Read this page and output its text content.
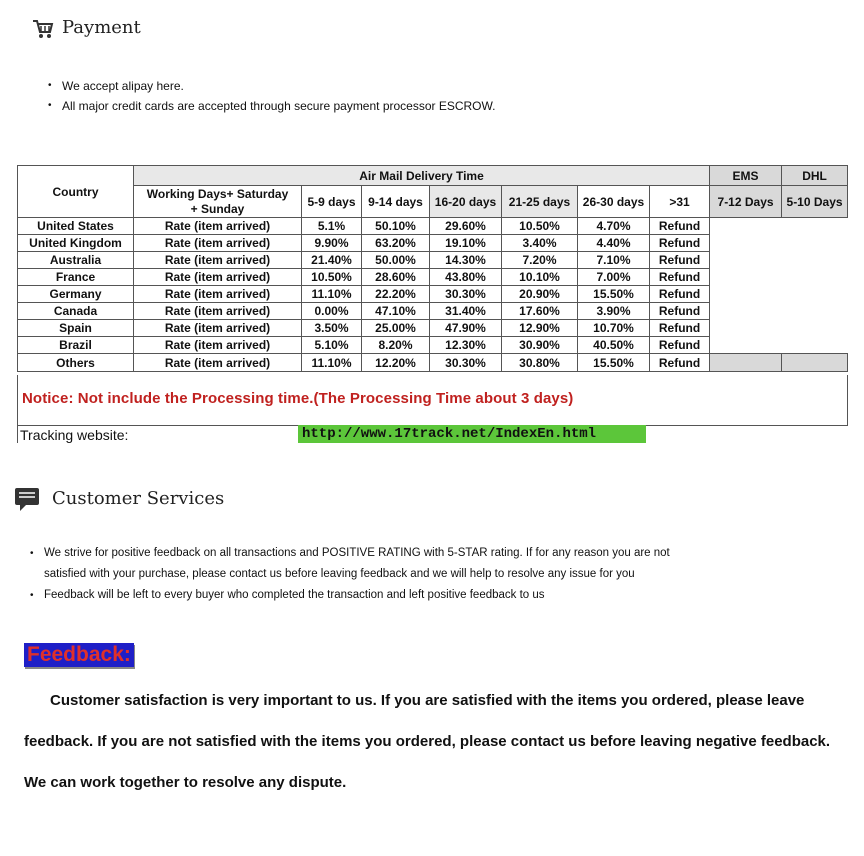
Payment
• We accept alipay here.
• All major credit cards are accepted through secure payment processor ESCROW.
Country	Air Mail Delivery Time							EMS	DHL
	Working Days+ Saturday
+ Sunday	5-9 days	9-14 days	16-20 days	21-25 days	26-30 days	>31	7-12 Days	5-10 Days
United States	Rate (item arrived)	5.1%	50.10%	29.60%	10.50%	4.70%	Refund		
United Kingdom	Rate (item arrived)	9.90%	63.20%	19.10%	3.40%	4.40%	Refund		
Australia	Rate (item arrived)	21.40%	50.00%	14.30%	7.20%	7.10%	Refund		
France	Rate (item arrived)	10.50%	28.60%	43.80%	10.10%	7.00%	Refund		
Germany	Rate (item arrived)	11.10%	22.20%	30.30%	20.90%	15.50%	Refund		
Canada	Rate (item arrived)	0.00%	47.10%	31.40%	17.60%	3.90%	Refund		
Spain	Rate (item arrived)	3.50%	25.00%	47.90%	12.90%	10.70%	Refund		
Brazil	Rate (item arrived)	5.10%	8.20%	12.30%	30.90%	40.50%	Refund		
Others	Rate (item arrived)	11.10%	12.20%	30.30%	30.80%	15.50%	Refund		
Notice: Not include the Processing time.(The Processing Time about 3 days)
Tracking website:	http://www.17track.net/IndexEn.html
Customer Services
• We strive for positive feedback on all transactions and POSITIVE RATING with 5-STAR rating. If for any reason you are not satisfied with your purchase, please contact us before leaving feedback and we will help to resolve any issue for you
• Feedback will be left to every buyer who completed the transaction and left positive feedback to us
Feedback:
Customer satisfaction is very important to us. If you are satisfied with the items you ordered, please leave
feedback. If you are not satisfied with the items you ordered, please contact us before leaving negative feedback.
We can work together to resolve any dispute.
